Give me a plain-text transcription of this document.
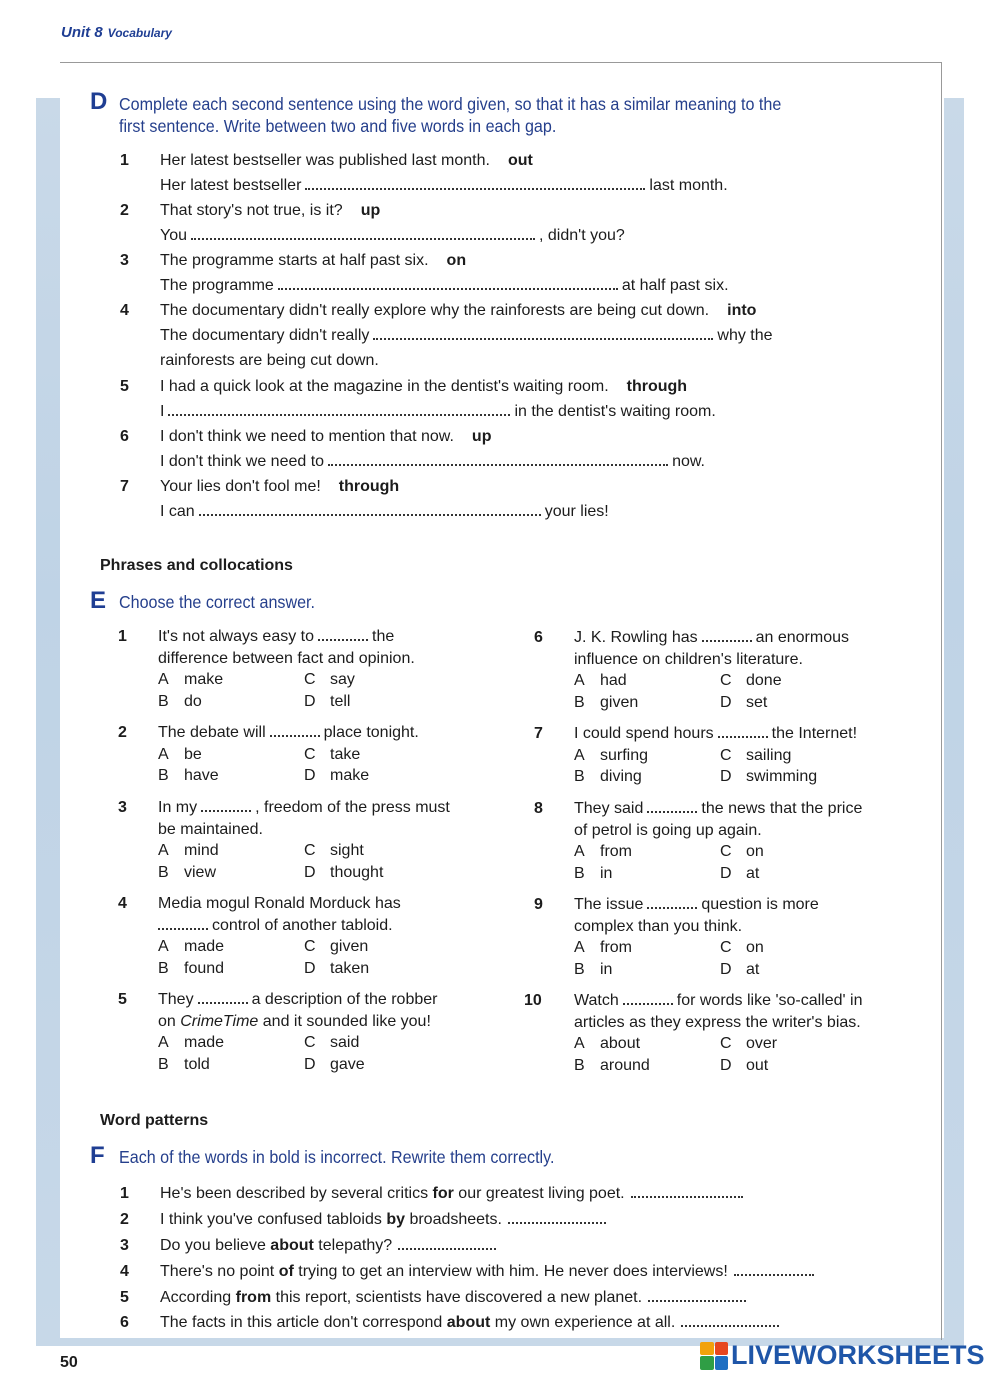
Unit 8 Vocabulary
D Complete each second sentence using the word given, so that it has a similar meaning to the
first sentence. Write between two and five words in each gap.
1 Her latest bestseller was published last month. out
Her latest bestseller	last month.
2 That story's not true, is it? up
You	, didn't you?
3 The programme starts at half past six. on
The programme	at half past six.
4 The documentary didn't really explore why the rainforests are being cut down. into
The documentary didn't really	why the
rainforests are being cut down.
5 I had a quick look at the magazine in the dentist's waiting room. through
I	in the dentist's waiting room.
6 I don't think we need to mention that now. up
I don't think we need to	now.
7 Your lies don't fool me! through
I can	your lies!
Phrases and collocations
E Choose the correct answer.
1 It's not always easy to	the
difference between fact and opinion.
A make	C say
B do	D tell
2 The debate will	place tonight.
A be	C take
B have	D make
3 In my	, freedom of the press must
be maintained.
A mind	C sight
B view	D thought
4 Media mogul Ronald Morduck has
control of another tabloid.
A made	C given
B found	D taken
5 They	a description of the robber
on CrimeTime and it sounded like you!
A made	C said
B told	D gave
6 J. K. Rowling has	an enormous
influence on children's literature.
A had	C done
B given	D set
7 I could spend hours	the Internet!
A surfing	C sailing
B diving	D swimming
8 They said	the news that the price
of petrol is going up again.
A from	C on
B in	D at
9 The issue	question is more
complex than you think.
A from	C on
B in	D at
10 Watch	for words like 'so-called' in
articles as they express the writer's bias.
A about	C over
B around	D out
Word patterns
F Each of the words in bold is incorrect. Rewrite them correctly.
1 He's been described by several critics for our greatest living poet.
2 I think you've confused tabloids by broadsheets.
3 Do you believe about telepathy?
4 There's no point of trying to get an interview with him. He never does interviews!
5 According from this report, scientists have discovered a new planet.
6 The facts in this article don't correspond about my own experience at all.
50	LIVEWORKSHEETS
